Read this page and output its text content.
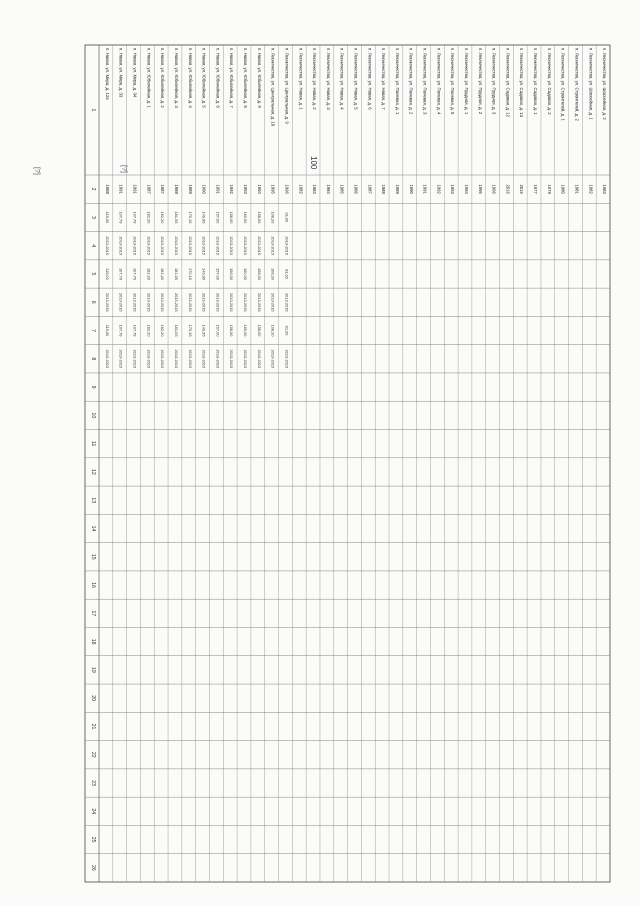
100
[?]
[?]
1
2
3
4
5
6
7
8
9
10
11
12
13
14
15
16
17
18
19
20
21
22
23
24
25
26
п. Новая, ул. Мира, д. 12а
1988
119,00
2013-2015
119,00
2013-2015
119,00
2013-2015
п. Новая, ул. Мира, д. 33
1991
107,79
2013-2015
107,79
2013-2015
107,79
2013-2015
п. Новая, ул. Мира, д. 34
1991
107,79
2013-2015
107,79
2013-2015
107,79
2013-2015
п. Новая, ул. Юбилейная, д. 1
1987
182,20
2013-2015
182,20
2013-2015
182,20
2013-2015
п. Новая, ул. Юбилейная, д. 2
1987
182,20
2013-2015
182,20
2013-2015
182,20
2013-2015
п. Новая, ул. Юбилейная, д. 3
1988
181,05
2013-2015
181,05
2013-2015
181,05
2013-2015
п. Новая, ул. Юбилейная, д. 4
1989
170,15
2013-2015
170,15
2013-2015
170,15
2013-2015
п. Новая, ул. Юбилейная, д. 5
1990
149,95
2013-2015
149,95
2013-2015
149,95
2013-2015
п. Новая, ул. Юбилейная, д. 6
1991
157,00
2013-2015
157,00
2013-2015
157,00
2013-2015
п. Новая, ул. Юбилейная, д. 7
1992
158,00
2013-2015
158,00
2013-2015
158,00
2013-2015
п. Новая, ул. Юбилейная, д. 8
1993
160,00
2013-2015
160,00
2013-2015
160,00
2013-2015
п. Новая, ул. Юбилейная, д. 9
1994
158,00
2013-2015
158,00
2013-2015
158,00
2013-2015
п. Лесничество, ул. Центральная, д. 10
1995
108,20
2013-2015
108,20
2013-2015
108,20
2013-2015
п. Лесничество, ул. Центральная, д. 9
1996
91,00
2013-2015
91,00
2013-2015
91,00
2013-2015
п. Лесничество, ул. Новая, д. 1
1982
п. Лесничество, ул. Новая, д. 2
1983
п. Лесничество, ул. Новая, д. 3
1984
п. Лесничество, ул. Новая, д. 4
1985
п. Лесничество, ул. Новая, д. 5
1986
п. Лесничество, ул. Новая, д. 6
1987
п. Лесничество, ул. Новая, д. 7
1988
п. Лесничество, ул. Полевая, д. 1
1989
п. Лесничество, ул. Полевая, д. 2
1990
п. Лесничество, ул. Полевая, д. 3
1991
п. Лесничество, ул. Полевая, д. 4
1992
п. Лесничество, ул. Полевая, д. 5
1993
п. Лесничество, ул. Прудная, д. 1
1994
п. Лесничество, ул. Прудная, д. 2
1995
п. Лесничество, ул. Прудная, д. 3
1996
п. Лесничество, ул. Садовая, д. 12
2016
п. Лесничество, ул. Садовая, д. 13
2016
п. Лесничество, ул. Садовая, д. 1
1977
п. Лесничество, ул. Садовая, д. 2
1979
п. Лесничество, ул. Строителей, д. 1
1980
п. Лесничество, ул. Строителей, д. 2
1981
п. Лесничество, ул. Шоссейная, д. 1
1982
п. Лесничество, ул. Шоссейная, д. 2
1983
